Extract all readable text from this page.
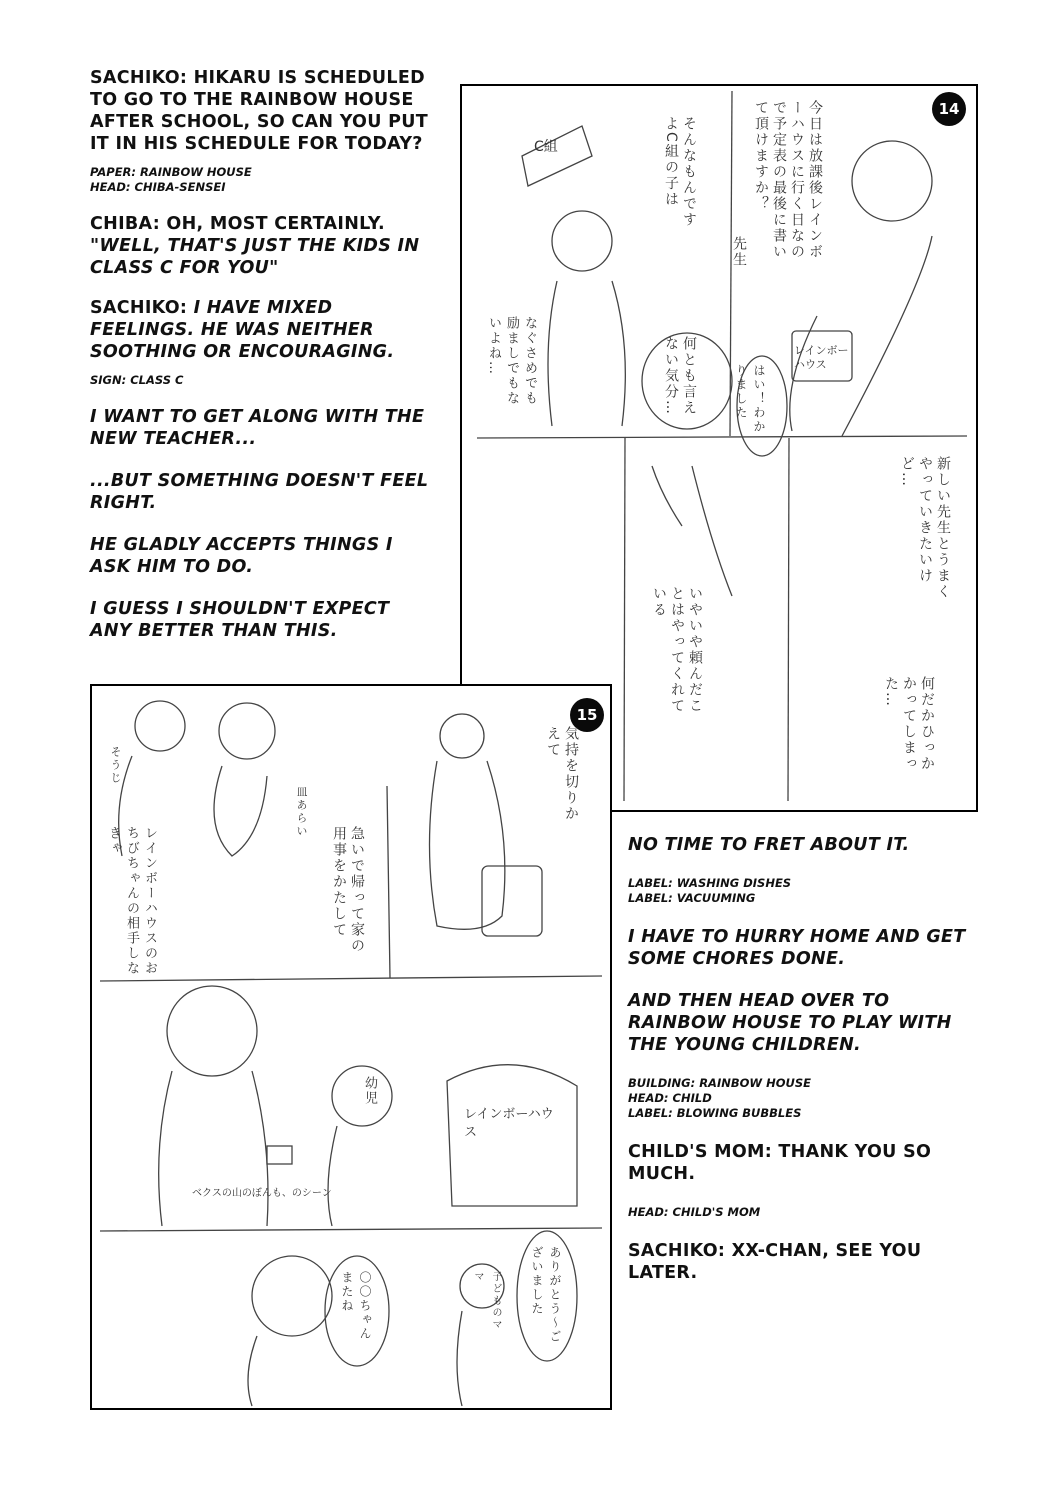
SACHIKO: HIKARU IS SCHEDULED TO GO TO THE RAINBOW HOUSE AFTER SCHOOL, SO CAN YOU PUT IT IN HIS SCHEDULE FOR TODAY?

PAPER: RAINBOW HOUSE

HEAD: CHIBA-SENSEI

CHIBA: OH, MOST CERTAINLY.

"WELL, THAT'S JUST THE KIDS IN CLASS C FOR YOU"

SACHIKO: I HAVE MIXED FEELINGS. HE WAS NEITHER SOOTHING OR ENCOURAGING.

SIGN: CLASS C

I WANT TO GET ALONG WITH THE NEW TEACHER...

...BUT SOMETHING DOESN'T FEEL RIGHT.

HE GLADLY ACCEPTS THINGS I ASK HIM TO DO.

I GUESS I SHOULDN'T EXPECT ANY BETTER THAN THIS.

14
今日は放課後レインボーハウスに行く日なので予定表の最後に書いて頂けますか？
そんなもんですよC組の子は
C組
先生
何とも言えない気分…
なぐさめでも励ましでもないよね…
はい！わかりました
レインボーハウス
新しい先生とうまくやっていきたいけど…
いやいや頼んだことはやってくれている
何だかひっかかってしまった…
15
気持を切りかえて
急いで帰って家の用事をかたして
レインボーハウスのおちびちゃんの相手しなきゃ
そうじ
皿あらい
幼児
レインボーハウス
ベクスの山のぼんも、のシーン
〇〇ちゃんまたね	ありがとう～ございました
子どものママ

NO TIME TO FRET ABOUT IT.

LABEL: WASHING DISHES

LABEL: VACUUMING

I HAVE TO HURRY HOME AND GET SOME CHORES DONE.

AND THEN HEAD OVER TO RAINBOW HOUSE TO PLAY WITH THE YOUNG CHILDREN.

BUILDING: RAINBOW HOUSE

HEAD: CHILD

LABEL: BLOWING BUBBLES

CHILD'S MOM: THANK YOU SO MUCH.

HEAD: CHILD'S MOM

SACHIKO: XX-CHAN, SEE YOU LATER.
